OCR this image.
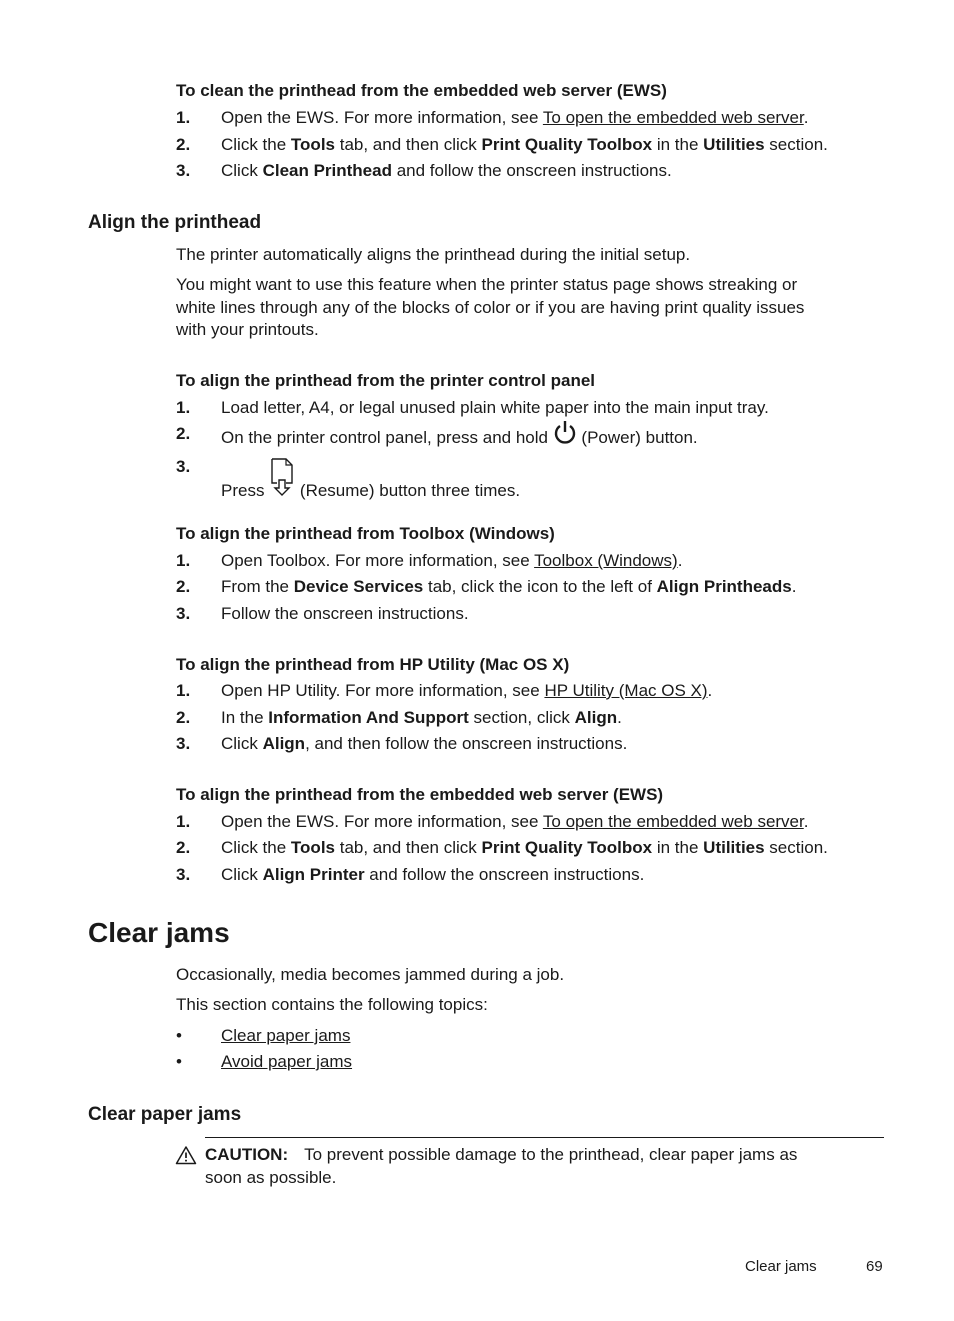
To clean the printhead from the embedded web server (EWS)
1. Open the EWS. For more information, see To open the embedded web server.
2. Click the Tools tab, and then click Print Quality Toolbox in the Utilities section.
3. Click Clean Printhead and follow the onscreen instructions.
Align the printhead
The printer automatically aligns the printhead during the initial setup.
You might want to use this feature when the printer status page shows streaking or
white lines through any of the blocks of color or if you are having print quality issues
with your printouts.
To align the printhead from the printer control panel
1. Load letter, A4, or legal unused plain white paper into the main input tray.
2. On the printer control panel, press and hold  (Power) button.
3.
Press  (Resume) button three times.
To align the printhead from Toolbox (Windows)
1. Open Toolbox. For more information, see Toolbox (Windows).
2. From the Device Services tab, click the icon to the left of Align Printheads.
3. Follow the onscreen instructions.
To align the printhead from HP Utility (Mac OS X)
1. Open HP Utility. For more information, see HP Utility (Mac OS X).
2. In the Information And Support section, click Align.
3. Click Align, and then follow the onscreen instructions.
To align the printhead from the embedded web server (EWS)
1. Open the EWS. For more information, see To open the embedded web server.
2. Click the Tools tab, and then click Print Quality Toolbox in the Utilities section.
3. Click Align Printer and follow the onscreen instructions.
Clear jams
Occasionally, media becomes jammed during a job.
This section contains the following topics:
• Clear paper jams
• Avoid paper jams
Clear paper jams
CAUTION: To prevent possible damage to the printhead, clear paper jams as
soon as possible.
Clear jams	69
